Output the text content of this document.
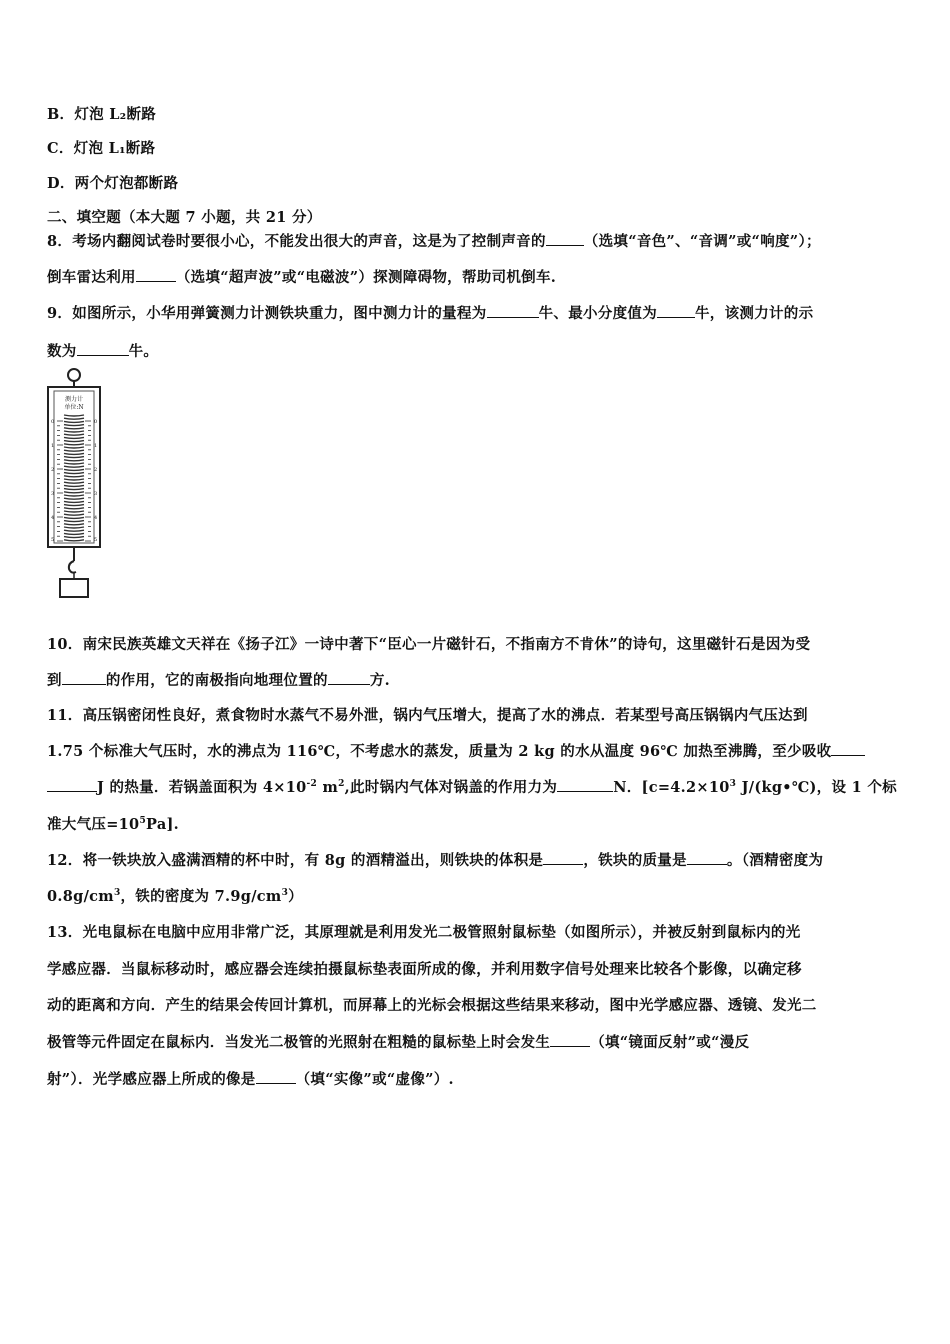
B．灯泡 L₂断路
C．灯泡 L₁断路
D．两个灯泡都断路
二、填空题（本大题 7 小题，共 21 分）
8．考场内翻阅试卷时要很小心，不能发出很大的声音，这是为了控制声音的	（选填“音色”、“音调”或“响度”）；
倒车雷达利用	（选填“超声波”或“电磁波”）探测障碍物，帮助司机倒车.
9．如图所示，小华用弹簧测力计测铁块重力，图中测力计的量程为	牛、最小分度值为	牛，该测力计的示
数为	牛。
测力计
单位:N
0
1
2
3
4
5
0
1
2
3
4
5
10．南宋民族英雄文天祥在《扬子江》一诗中著下“臣心一片磁针石，不指南方不肯休”的诗句，这里磁针石是因为受
到	的作用，它的南极指向地理位置的	方.
11．高压锅密闭性良好，煮食物时水蒸气不易外泄，锅内气压增大，提高了水的沸点．若某型号高压锅锅内气压达到
1.75 个标准大气压时，水的沸点为 116℃，不考虑水的蒸发，质量为 2 kg 的水从温度 96℃ 加热至沸腾，至少吸收
J 的热量．若锅盖面积为 $4\times 10^{-2}$ $m^2$,此时锅内气体对锅盖的作用力为	N．[$c=4.2\times 10^3$ J/(kg•℃)，设 1 个标
准大气压$=10^5Pa$].
12．将一铁块放入盛满酒精的杯中时，有 8g 的酒精溢出，则铁块的体积是	，铁块的质量是	。（酒精密度为
$0.8g/cm^3$，铁的密度为 $7.9g/cm^3$）
13．光电鼠标在电脑中应用非常广泛，其原理就是利用发光二极管照射鼠标垫（如图所示），并被反射到鼠标内的光
学感应器．当鼠标移动时，感应器会连续拍摄鼠标垫表面所成的像，并利用数字信号处理来比较各个影像，以确定移
动的距离和方向．产生的结果会传回计算机，而屏幕上的光标会根据这些结果来移动，图中光学感应器、透镜、发光二
极管等元件固定在鼠标内．当发光二极管的光照射在粗糙的鼠标垫上时会发生	（填“镜面反射”或“漫反
射”）．光学感应器上所成的像是	（填“实像”或“虚像”）.
